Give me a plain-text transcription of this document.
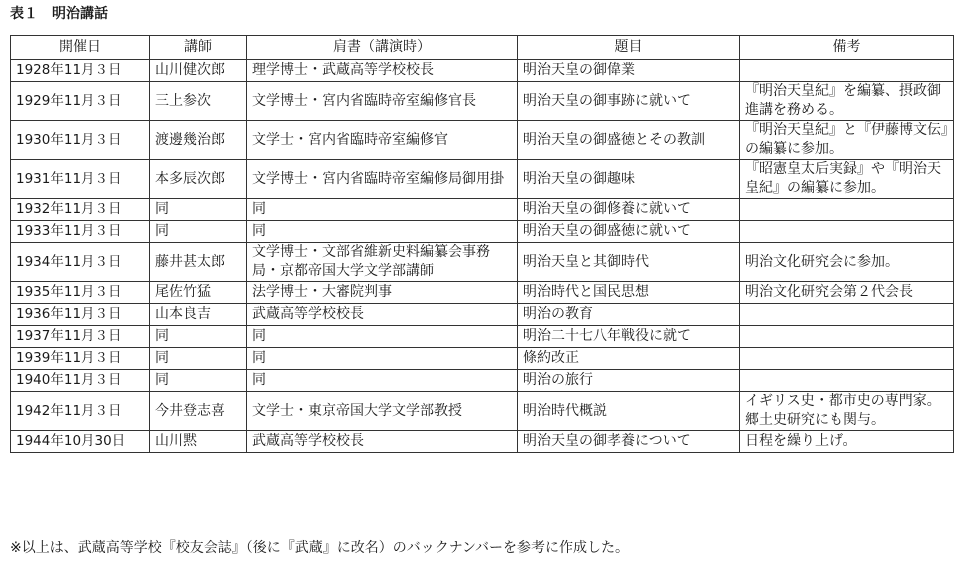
表１　明治講話
開催日	講師	肩書（講演時）	題目	備考
1928年11月３日	山川健次郎	理学博士・武蔵高等学校校長	明治天皇の御偉業	
1929年11月３日	三上参次	文学博士・宮内省臨時帝室編修官長	明治天皇の御事跡に就いて	『明治天皇紀』を編纂、摂政御進講を務める。
1930年11月３日	渡邊幾治郎	文学士・宮内省臨時帝室編修官	明治天皇の御盛徳とその教訓	『明治天皇紀』と『伊藤博文伝』の編纂に参加。
1931年11月３日	本多辰次郎	文学博士・宮内省臨時帝室編修局御用掛	明治天皇の御趣味	『昭憲皇太后実録』や『明治天皇紀』の編纂に参加。
1932年11月３日	同	同	明治天皇の御修養に就いて	
1933年11月３日	同	同	明治天皇の御盛徳に就いて	
1934年11月３日	藤井甚太郎	文学博士・文部省維新史料編纂会事務局・京都帝国大学文学部講師	明治天皇と其御時代	明治文化研究会に参加。
1935年11月３日	尾佐竹猛	法学博士・大審院判事	明治時代と国民思想	明治文化研究会第２代会長
1936年11月３日	山本良吉	武蔵高等学校校長	明治の教育	
1937年11月３日	同	同	明治二十七八年戦役に就て	
1939年11月３日	同	同	條約改正	
1940年11月３日	同	同	明治の旅行	
1942年11月３日	今井登志喜	文学士・東京帝国大学文学部教授	明治時代概説	イギリス史・都市史の専門家。郷土史研究にも関与。
1944年10月30日	山川黙	武蔵高等学校校長	明治天皇の御孝養について	日程を繰り上げ。
※以上は、武蔵高等学校『校友会誌』（後に『武蔵』に改名）のバックナンバーを参考に作成した。
